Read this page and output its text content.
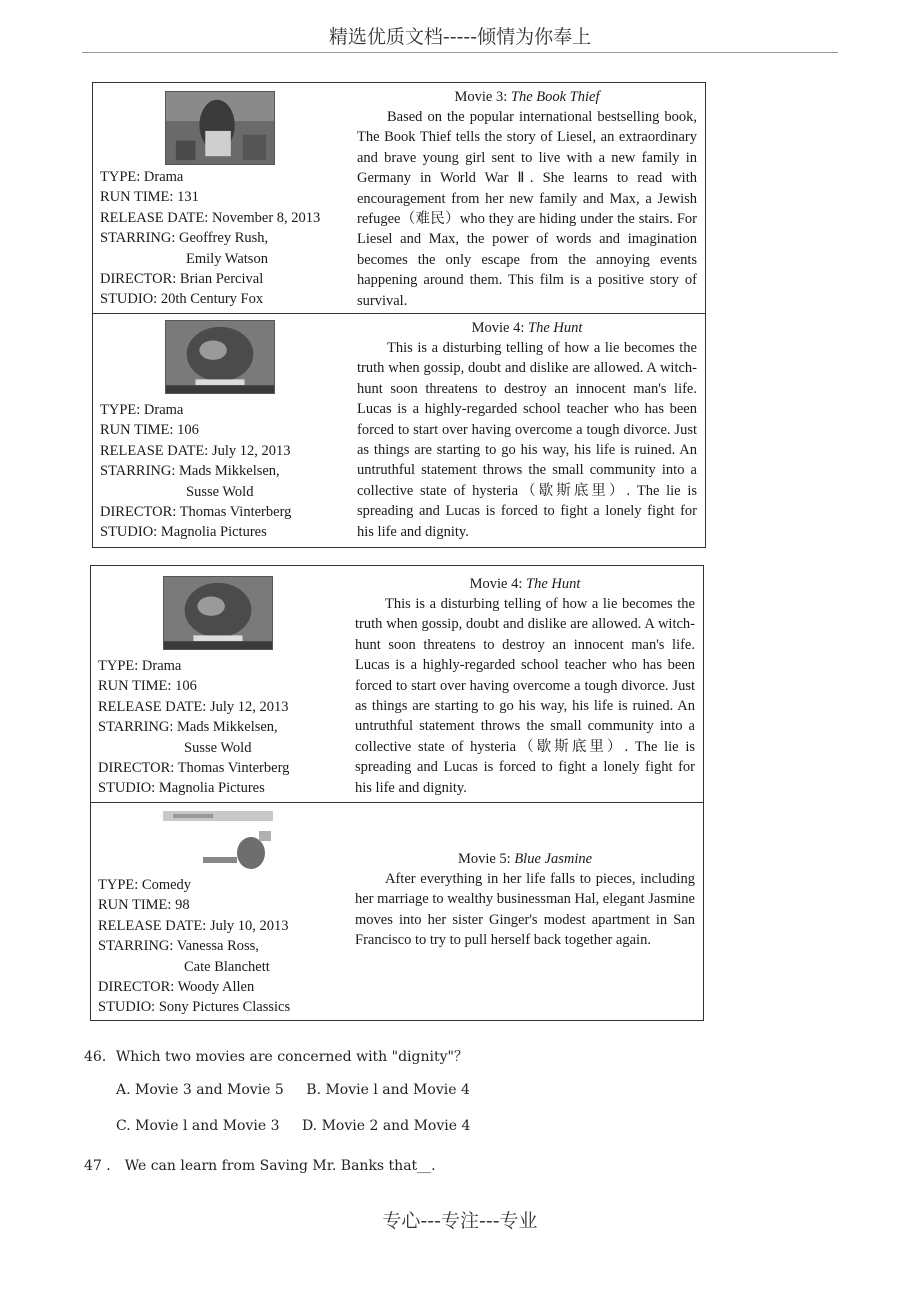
精选优质文档-----倾情为你奉上
TYPE: Drama
RUN TIME: 131
RELEASE DATE: November 8, 2013
STARRING: Geoffrey Rush,
Emily Watson
DIRECTOR: Brian Percival
STUDIO: 20th Century Fox
Movie 3: The Book Thief
Based on the popular international bestselling book, The Book Thief tells the story of Liesel, an extraordinary and brave young girl sent to live with a new family in Germany in World War Ⅱ. She learns to read with encouragement from her new family and Max, a Jewish refugee（难民）who they are hiding under the stairs. For Liesel and Max, the power of words and imagination becomes the only escape from the annoying events happening around them. This film is a positive story of survival.
TYPE: Drama
RUN TIME: 106
RELEASE DATE: July 12, 2013
STARRING: Mads Mikkelsen,
Susse Wold
DIRECTOR: Thomas Vinterberg
STUDIO: Magnolia Pictures
Movie 4: The Hunt
This is a disturbing telling of how a lie becomes the truth when gossip, doubt and dislike are allowed. A witch-hunt soon threatens to destroy an innocent man's life. Lucas is a highly-regarded school teacher who has been forced to start over having overcome a tough divorce. Just as things are starting to go his way, his life is ruined. An untruthful statement throws the small community into a collective state of hysteria（歇斯底里）. The lie is spreading and Lucas is forced to fight a lonely fight for his life and dignity.
TYPE: Drama
RUN TIME: 106
RELEASE DATE: July 12, 2013
STARRING: Mads Mikkelsen,
Susse Wold
DIRECTOR: Thomas Vinterberg
STUDIO: Magnolia Pictures
Movie 4: The Hunt
This is a disturbing telling of how a lie becomes the truth when gossip, doubt and dislike are allowed. A witch-hunt soon threatens to destroy an innocent man's life. Lucas is a highly-regarded school teacher who has been forced to start over having overcome a tough divorce. Just as things are starting to go his way, his life is ruined. An untruthful statement throws the small community into a collective state of hysteria（歇斯底里）. The lie is spreading and Lucas is forced to fight a lonely fight for his life and dignity.
TYPE: Comedy
RUN TIME: 98
RELEASE DATE: July 10, 2013
STARRING: Vanessa Ross,
Cate Blanchett
DIRECTOR: Woody Allen
STUDIO: Sony Pictures Classics
Movie 5: Blue Jasmine
After everything in her life falls to pieces, including her marriage to wealthy businessman Hal, elegant Jasmine moves into her sister Ginger's modest apartment in San Francisco to try to pull herself back together again.
46．Which two movies are concerned with "dignity"？
A. Movie 3 and Movie 5 B. Movie l and Movie 4
C. Movie l and Movie 3 D. Movie 2 and Movie 4
47 ． We can learn from Saving Mr. Banks that__.
专心---专注---专业
